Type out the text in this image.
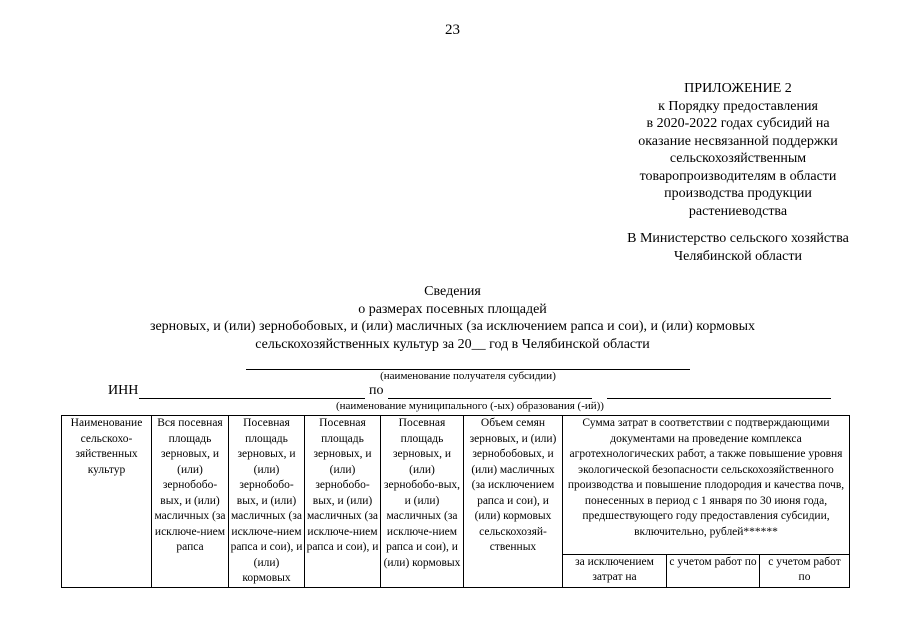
23
ПРИЛОЖЕНИЕ 2
к Порядку предоставления
в 2020-2022 годах субсидий на
оказание несвязанной поддержки
сельскохозяйственным
товаропроизводителям в области
производства продукции
растениеводства
В Министерство сельского хозяйства
Челябинской области
Сведения
о размерах посевных площадей
зерновых, и (или) зернобобовых, и (или) масличных (за исключением рапса и сои), и (или) кормовых
сельскохозяйственных культур за 20__ год в Челябинской области
(наименование получателя субсидии)
ИНН	по
(наименование муниципального (-ых) образования (-ий))
Наименование сельскохо-зяйственных культур	Вся посевная площадь зерновых, и (или) зернобобо-вых, и (или) масличных (за исключе-нием рапса	Посевная площадь зерновых, и (или) зернобобо-вых, и (или) масличных (за исключе-нием рапса и сои), и (или) кормовых	Посевная площадь зерновых, и (или) зернобобо-вых, и (или) масличных (за исключе-нием рапса и сои), и	Посевная площадь зерновых, и (или) зернобобо-вых, и (или) масличных (за исключе-нием рапса и сои), и (или) кормовых	Объем семян зерновых, и (или) зернобобовых, и (или) масличных (за исключением рапса и сои), и (или) кормовых сельскохозяй-ственных	Сумма затрат в соответствии с подтверждающими документами на проведение комплекса агротехнологических работ, а также повышение уровня экологической безопасности сельскохозяйственного производства и повышение плодородия и качества почв, понесенных в период с 1 января по 30 июня года, предшествующего году предоставления субсидии, включительно, рублей******		

						за исключением затрат на	с учетом работ по	с учетом работ по
